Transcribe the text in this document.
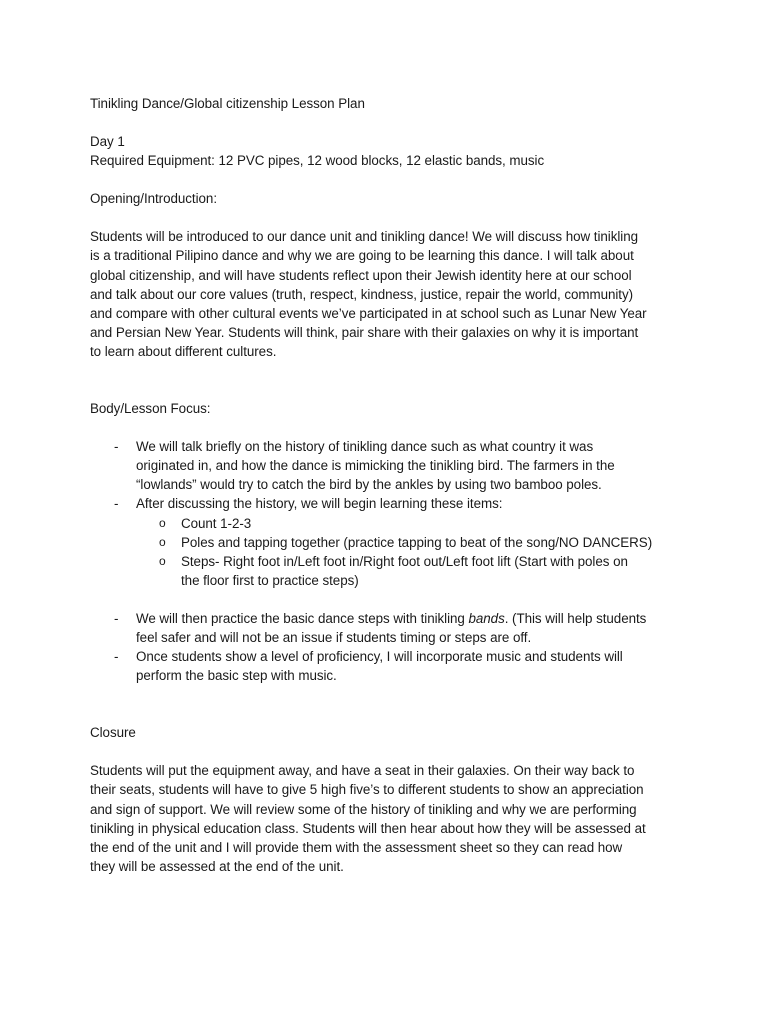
Tinikling Dance/Global citizenship Lesson Plan

Day 1

Required Equipment: 12 PVC pipes, 12 wood blocks, 12 elastic bands, music

Opening/Introduction:

Students will be introduced to our dance unit and tinikling dance! We will discuss how tinikling

is a traditional Pilipino dance and why we are going to be learning this dance. I will talk about

global citizenship, and will have students reflect upon their Jewish identity here at our school

and talk about our core values (truth, respect, kindness, justice, repair the world, community)

and compare with other cultural events we’ve participated in at school such as Lunar New Year

and Persian New Year. Students will think, pair share with their galaxies on why it is important

to learn about different cultures.

Body/Lesson Focus:

- We will talk briefly on the history of tinikling dance such as what country it was
originated in, and how the dance is mimicking the tinikling bird. The farmers in the
“lowlands” would try to catch the bird by the ankles by using two bamboo poles.
- After discussing the history, we will begin learning these items:
o Count 1-2-3
o Poles and tapping together (practice tapping to beat of the song/NO DANCERS)
o Steps- Right foot in/Left foot in/Right foot out/Left foot lift (Start with poles on
the floor first to practice steps)
- We will then practice the basic dance steps with tinikling bands. (This will help students
feel safer and will not be an issue if students timing or steps are off.
- Once students show a level of proficiency, I will incorporate music and students will
perform the basic step with music.

Closure

Students will put the equipment away, and have a seat in their galaxies. On their way back to

their seats, students will have to give 5 high five’s to different students to show an appreciation

and sign of support. We will review some of the history of tinikling and why we are performing

tinikling in physical education class. Students will then hear about how they will be assessed at

the end of the unit and I will provide them with the assessment sheet so they can read how

they will be assessed at the end of the unit.
